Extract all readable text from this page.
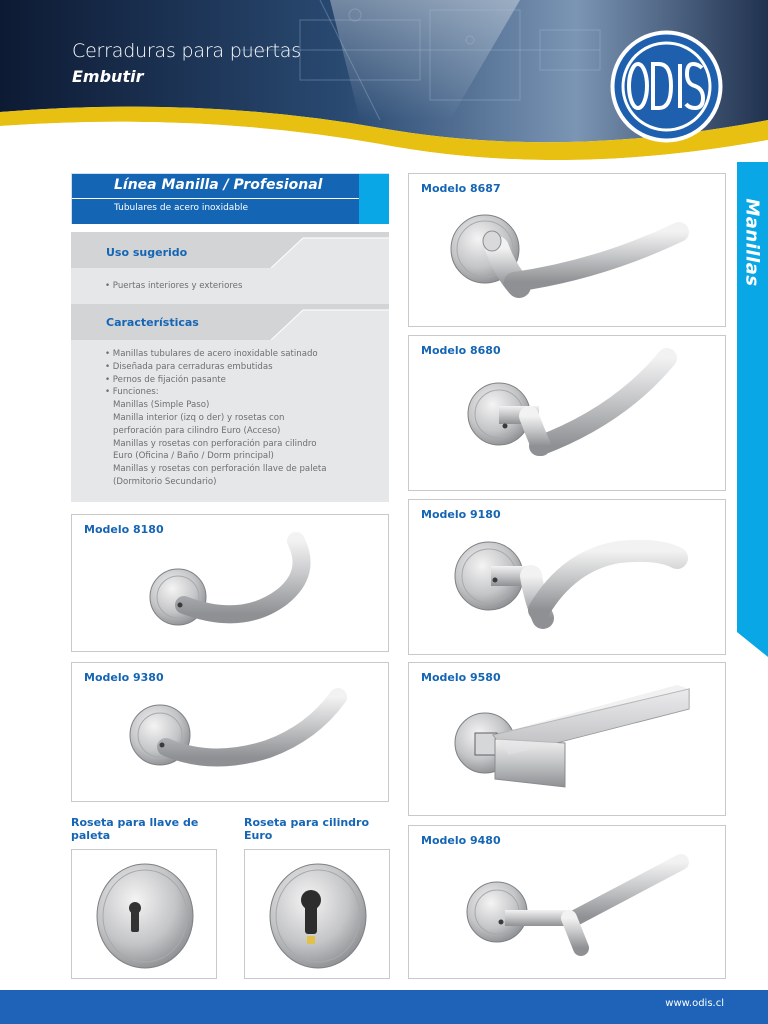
Cerraduras para puertas
Embutir
Manillas
Línea Manilla / Profesional
Tubulares de acero inoxidable
Uso sugerido
• Puertas interiores y exteriores
Características
• Manillas tubulares de acero inoxidable satinado
• Diseñada para cerraduras embutidas
• Pernos de fijación pasante
• Funciones:
Manillas (Simple Paso)
Manilla interior (izq o der) y rosetas con
perforación para cilindro Euro (Acceso)
Manillas y rosetas con perforación para cilindro
Euro (Oficina / Baño / Dorm principal)
Manillas y rosetas con perforación llave de paleta
(Dormitorio Secundario)
Modelo 8687
Modelo 8680
Modelo 8180
Modelo 9180
Modelo 9380	Modelo 9580
Roseta para llave de paleta
Roseta para cilindro Euro	Modelo 9480
www.odis.cl
